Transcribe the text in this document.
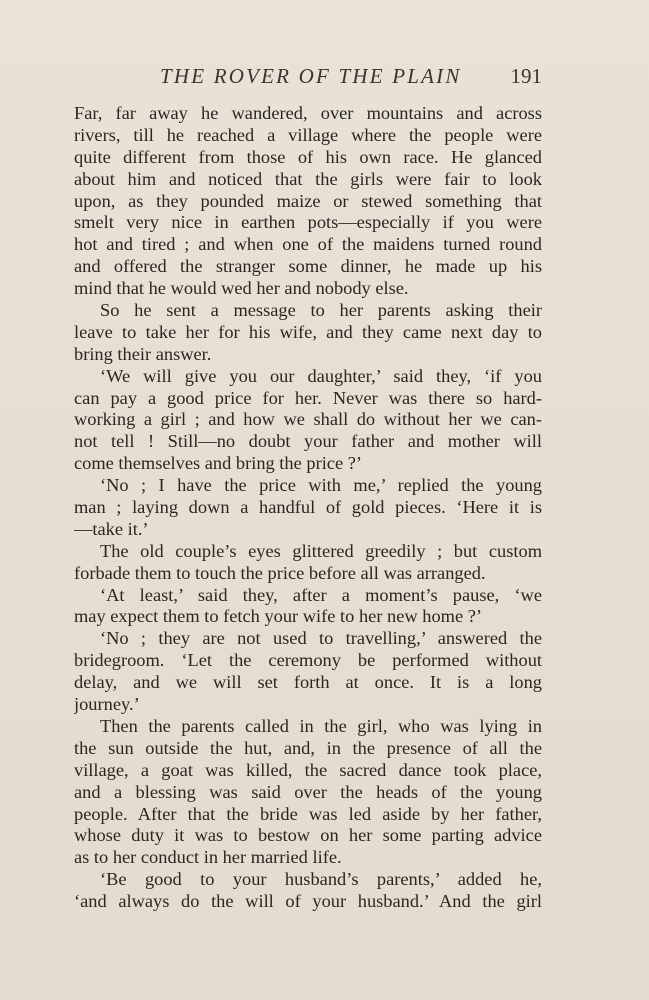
THE ROVER OF THE PLAIN 191
Far, far away he wandered, over mountains and across
rivers, till he reached a village where the people were
quite different from those of his own race. He glanced
about him and noticed that the girls were fair to look
upon, as they pounded maize or stewed something that
smelt very nice in earthen pots—especially if you were
hot and tired ; and when one of the maidens turned round
and offered the stranger some dinner, he made up his
mind that he would wed her and nobody else.
So he sent a message to her parents asking their
leave to take her for his wife, and they came next day to
bring their answer.
‘We will give you our daughter,’ said they, ‘if you
can pay a good price for her. Never was there so hard-
working a girl ; and how we shall do without her we can-
not tell ! Still—no doubt your father and mother will
come themselves and bring the price ?’
‘No ; I have the price with me,’ replied the young
man ; laying down a handful of gold pieces. ‘Here it is
—take it.’
The old couple’s eyes glittered greedily ; but custom
forbade them to touch the price before all was arranged.
‘At least,’ said they, after a moment’s pause, ‘we
may expect them to fetch your wife to her new home ?’
‘No ; they are not used to travelling,’ answered the
bridegroom. ‘Let the ceremony be performed without
delay, and we will set forth at once. It is a long
journey.’
Then the parents called in the girl, who was lying in
the sun outside the hut, and, in the presence of all the
village, a goat was killed, the sacred dance took place,
and a blessing was said over the heads of the young
people. After that the bride was led aside by her father,
whose duty it was to bestow on her some parting advice
as to her conduct in her married life.
‘Be good to your husband’s parents,’ added he,
‘and always do the will of your husband.’ And the girl
